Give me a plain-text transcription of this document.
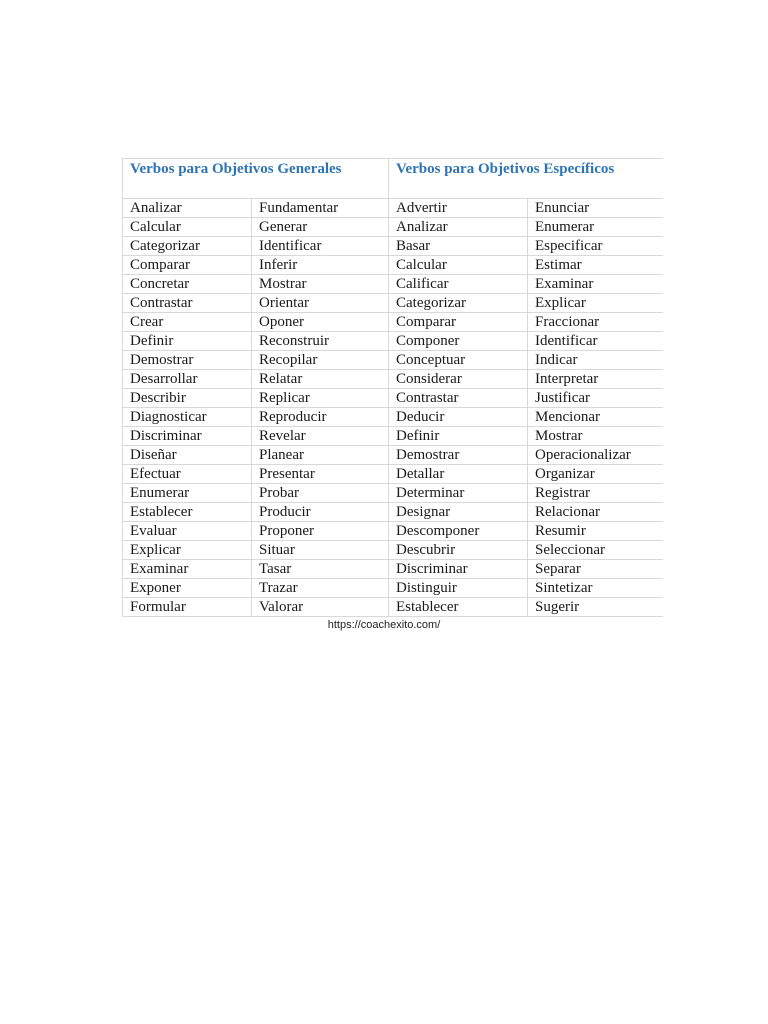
Verbos para Objetivos Generales		Verbos para Objetivos Específicos	
Analizar	Fundamentar	Advertir	Enunciar
Calcular	Generar	Analizar	Enumerar
Categorizar	Identificar	Basar	Especificar
Comparar	Inferir	Calcular	Estimar
Concretar	Mostrar	Calificar	Examinar
Contrastar	Orientar	Categorizar	Explicar
Crear	Oponer	Comparar	Fraccionar
Definir	Reconstruir	Componer	Identificar
Demostrar	Recopilar	Conceptuar	Indicar
Desarrollar	Relatar	Considerar	Interpretar
Describir	Replicar	Contrastar	Justificar
Diagnosticar	Reproducir	Deducir	Mencionar
Discriminar	Revelar	Definir	Mostrar
Diseñar	Planear	Demostrar	Operacionalizar
Efectuar	Presentar	Detallar	Organizar
Enumerar	Probar	Determinar	Registrar
Establecer	Producir	Designar	Relacionar
Evaluar	Proponer	Descomponer	Resumir
Explicar	Situar	Descubrir	Seleccionar
Examinar	Tasar	Discriminar	Separar
Exponer	Trazar	Distinguir	Sintetizar
Formular	Valorar	Establecer	Sugerir
https://coachexito.com/
